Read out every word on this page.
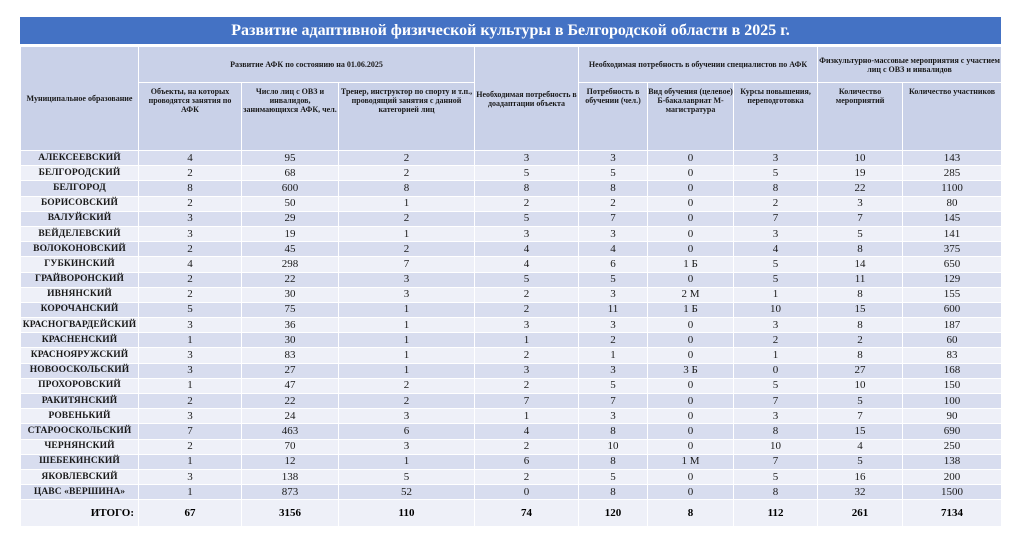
Развитие адаптивной физической культуры в Белгородской области в 2025 г.
Муниципальное образование	Развитие АФК по состоянию на 01.06.2025			Необходимая потребность в доадаптации объекта	Необходимая потребность в обучении специалистов по АФК			Физкультурно-массовые мероприятия с участием лиц с ОВЗ и инвалидов	
	Объекты, на которых проводятся занятия по АФК	Число лиц с ОВЗ и инвалидов, занимающихся АФК, чел.	Тренер, инструктор по спорту и т.п., проводящий занятия с данной категорией лиц		Потребность в обучении (чел.)	Вид обучения (целевое) Б-бакалавриат М- магистратура	Курсы повышения, переподготовка	Количество мероприятий	Количество участников
АЛЕКСЕЕВСКИЙ	4	95	2	3	3	0	3	10	143
БЕЛГОРОДСКИЙ	2	68	2	5	5	0	5	19	285
БЕЛГОРОД	8	600	8	8	8	0	8	22	1100
БОРИСОВСКИЙ	2	50	1	2	2	0	2	3	80
ВАЛУЙСКИЙ	3	29	2	5	7	0	7	7	145
ВЕЙДЕЛЕВСКИЙ	3	19	1	3	3	0	3	5	141
ВОЛОКОНОВСКИЙ	2	45	2	4	4	0	4	8	375
ГУБКИНСКИЙ	4	298	7	4	6	1 Б	5	14	650
ГРАЙВОРОНСКИЙ	2	22	3	5	5	0	5	11	129
ИВНЯНСКИЙ	2	30	3	2	3	2 М	1	8	155
КОРОЧАНСКИЙ	5	75	1	2	11	1 Б	10	15	600
КРАСНОГВАРДЕЙСКИЙ	3	36	1	3	3	0	3	8	187
КРАСНЕНСКИЙ	1	30	1	1	2	0	2	2	60
КРАСНОЯРУЖСКИЙ	3	83	1	2	1	0	1	8	83
НОВООСКОЛЬСКИЙ	3	27	1	3	3	3 Б	0	27	168
ПРОХОРОВСКИЙ	1	47	2	2	5	0	5	10	150
РАКИТЯНСКИЙ	2	22	2	7	7	0	7	5	100
РОВЕНЬКИЙ	3	24	3	1	3	0	3	7	90
СТАРООСКОЛЬСКИЙ	7	463	6	4	8	0	8	15	690
ЧЕРНЯНСКИЙ	2	70	3	2	10	0	10	4	250
ШЕБЕКИНСКИЙ	1	12	1	6	8	1 М	7	5	138
ЯКОВЛЕВСКИЙ	3	138	5	2	5	0	5	16	200
ЦАВС «ВЕРШИНА»	1	873	52	0	8	0	8	32	1500
ИТОГО:	67	3156	110	74	120	8	112	261	7134
